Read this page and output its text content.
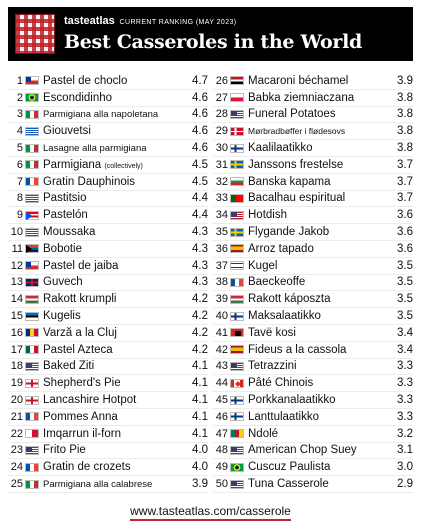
tasteatlas CURRENT RANKING (MAY 2023)
Best Casseroles in the World
1 Pastel de choclo	4.7
2 Escondidinho	4.6
3 Parmigiana alla napoletana	4.6
4 Giouvetsi	4.6
5 Lasagne alla parmigiana	4.6
6 Parmigiana (collectively)	4.5
7 Gratin Dauphinois	4.5
8 Pastitsio	4.4
9 Pastelón	4.4
10 Moussaka	4.3
11 Bobotie	4.3
12 Pastel de jaiba	4.3
13 Guvech	4.3
14 Rakott krumpli	4.2
15 Kugelis	4.2
16 Varză a la Cluj	4.2
17 Pastel Azteca	4.2
18 Baked Ziti	4.1
19 Shepherd's Pie	4.1
20 Lancashire Hotpot	4.1
21 Pommes Anna	4.1
22 Imqarrun il-forn	4.1
23 Frito Pie	4.0
24 Gratin de crozets	4.0
25 Parmigiana alla calabrese	3.9
26 Macaroni béchamel	3.9
27 Babka ziemniaczana	3.8
28 Funeral Potatoes	3.8
29 Mørbradbøffer i flødesovs	3.8
30 Kaalilaatikko	3.8
31 Janssons frestelse	3.7
32 Banska kapama	3.7
33 Bacalhau espiritual	3.7
34 Hotdish	3.6
35 Flygande Jakob	3.6
36 Arroz tapado	3.6
37 Kugel	3.5
38 Baeckeoffe	3.5
39 Rakott káposzta	3.5
40 Maksalaatikko	3.5
41 Tavë kosi	3.4
42 Fideus a la cassola	3.4
43 Tetrazzini	3.3
44 Pâté Chinois	3.3
45 Porkkanalaatikko	3.3
46 Lanttulaatikko	3.3
47 Ndolé	3.2
48 American Chop Suey	3.1
49 Cuscuz Paulista	3.0
50 Tuna Casserole	2.9
www.tasteatlas.com/casserole
